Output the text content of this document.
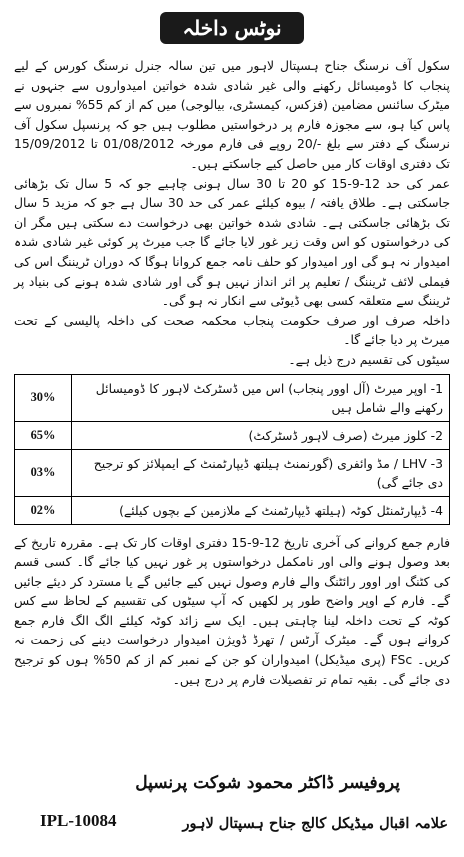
نوٹس داخلہ

سکول آف نرسنگ جناح ہسپتال لاہور میں تین سالہ جنرل نرسنگ کورس کے لیے پنجاب کا ڈومیسائل رکھنے والی غیر شادی شدہ خواتین امیدواروں سے جنہوں نے میٹرک سائنس مضامین (فزکس، کیمسٹری، بیالوجی) میں کم از کم 55% نمبروں سے پاس کیا ہو، سے مجوزہ فارم پر درخواستیں مطلوب ہیں جو کہ پرنسپل سکول آف نرسنگ کے دفتر سے بلغ -/20 روپے فی فارم مورخہ 01/08/2012 تا 15/09/2012 تک دفتری اوقات کار میں حاصل کیے جاسکتے ہیں۔

عمر کی حد 12-9-15 کو 20 تا 30 سال ہونی چاہیے جو کہ 5 سال تک بڑھائی جاسکتی ہے۔ طلاق یافتہ / بیوہ کیلئے عمر کی حد 30 سال ہے جو کہ مزید 5 سال تک بڑھائی جاسکتی ہے۔ شادی شدہ خواتین بھی درخواست دے سکتی ہیں مگر ان کی درخواستوں کو اس وقت زیر غور لایا جائے گا جب میرٹ پر کوئی غیر شادی شدہ امیدوار نہ ہو گی اور امیدوار کو حلف نامہ جمع کروانا ہوگا کہ دوران ٹریننگ اس کی فیملی لائف ٹریننگ / تعلیم پر اثر انداز نہیں ہو گی اور شادی شدہ ہونے کی بنیاد پر ٹریننگ سے متعلقہ کسی بھی ڈیوٹی سے انکار نہ ہو گی۔

داخلہ صرف اور صرف حکومت پنجاب محکمہ صحت کی داخلہ پالیسی کے تحت میرٹ پر دیا جائے گا۔

سیٹوں کی تقسیم درج ذیل ہے۔

30%	1- اوپر میرٹ (آل اوور پنجاب) اس میں ڈسٹرکٹ لاہور کا ڈومیسائل رکھنے والے شامل ہیں
65%	2- کلوز میرٹ (صرف لاہور ڈسٹرکٹ)
03%	3- LHV / مڈ وائفری (گورنمنٹ ہیلتھ ڈیپارٹمنٹ کے ایمپلائز کو ترجیح دی جائے گی)
02%	4- ڈیپارٹمنٹل کوٹہ (ہیلتھ ڈیپارٹمنٹ کے ملازمین کے بچوں کیلئے)

فارم جمع کروانے کی آخری تاریخ 12-9-15 دفتری اوقات کار تک ہے۔ مقررہ تاریخ کے بعد وصول ہونے والی اور نامکمل درخواستوں پر غور نہیں کیا جائے گا۔ کسی قسم کی کٹنگ اور اوور رائٹنگ والے فارم وصول نہیں کیے جائیں گے یا مسترد کر دیئے جائیں گے۔ فارم کے اوپر واضح طور پر لکھیں کہ آپ سیٹوں کی تقسیم کے لحاظ سے کس کوٹہ کے تحت داخلہ لینا چاہتی ہیں۔ ایک سے زائد کوٹہ کیلئے الگ الگ فارم جمع کروانے ہوں گے۔ میٹرک آرٹس / تھرڈ ڈویژن امیدوار درخواست دینے کی زحمت نہ کریں۔ FSc (پری میڈیکل) امیدواران کو جن کے نمبر کم از کم 50% ہوں کو ترجیح دی جائے گی۔ بقیہ تمام تر تفصیلات فارم پر درج ہیں۔

پروفیسر ڈاکٹر محمود شوکت پرنسپل
علامہ اقبال میڈیکل کالج جناح ہسپتال لاہور
IPL-10084
